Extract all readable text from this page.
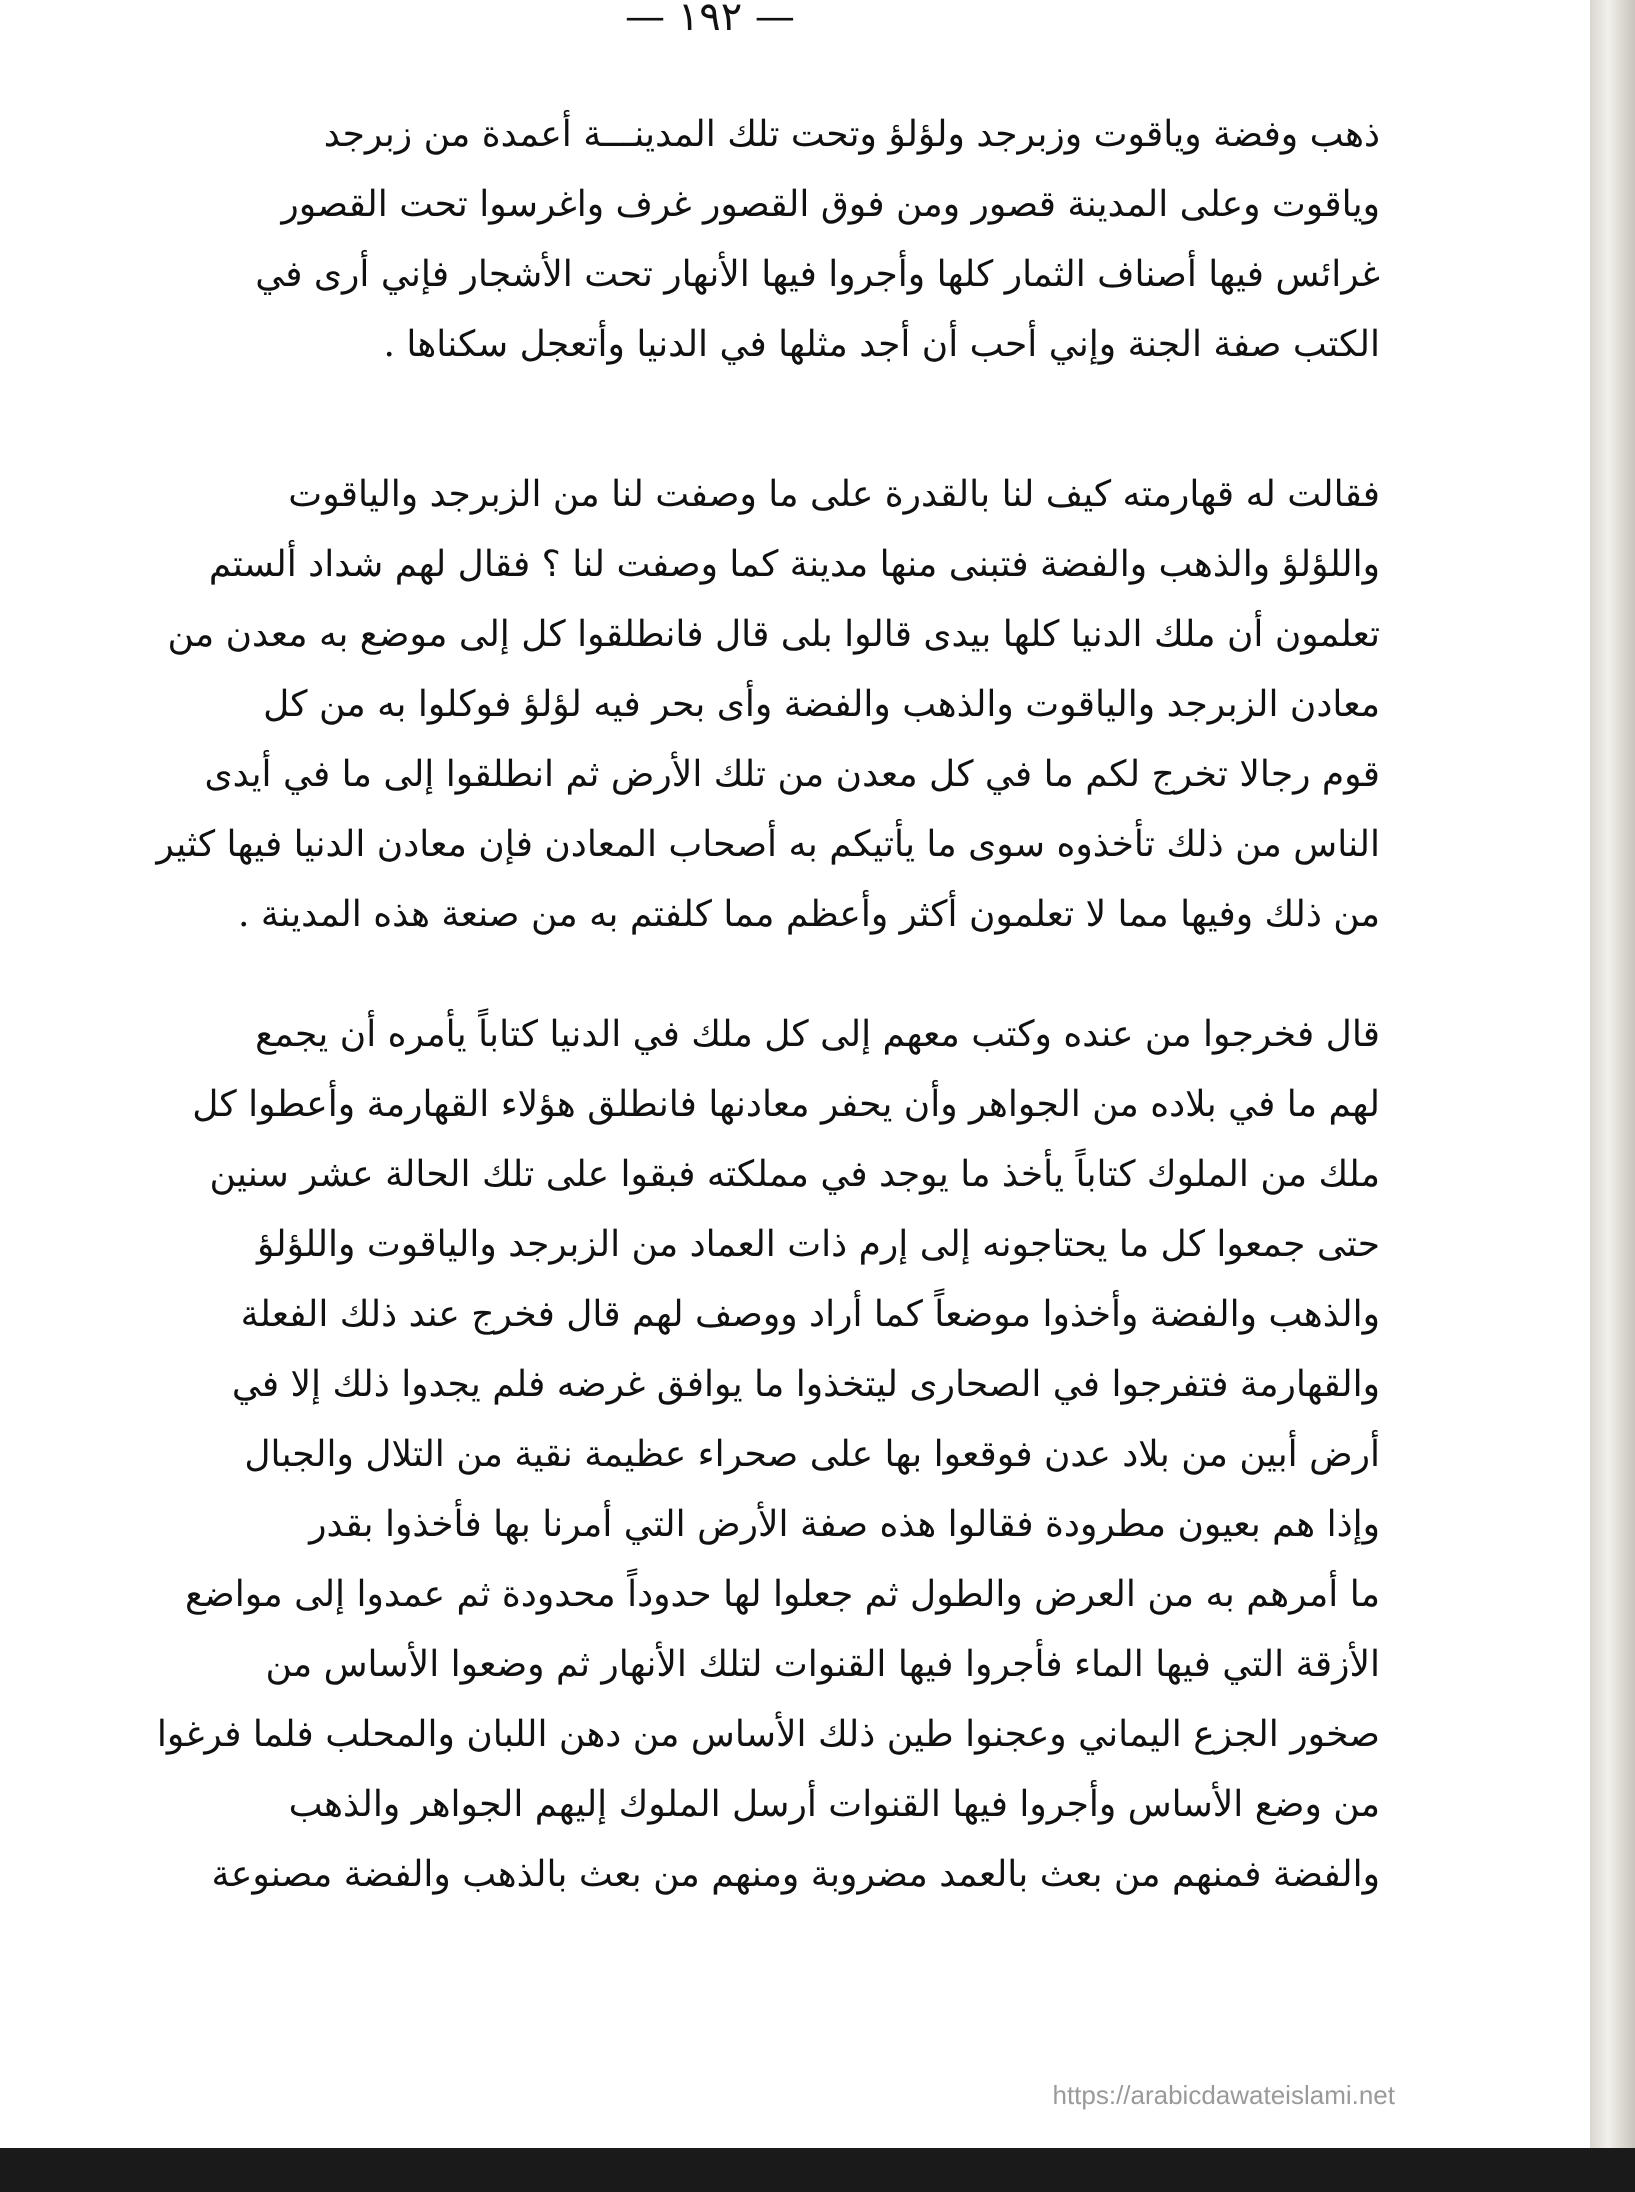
— ١٩٢ —
ذهب وفضة وياقوت وزبرجد ولؤلؤ وتحت تلك المدينـــة أعمدة من زبرجد
وياقوت وعلى المدينة قصور ومن فوق القصور غرف واغرسوا تحت القصور
غرائس فيها أصناف الثمار كلها وأجروا فيها الأنهار تحت الأشجار فإني أرى في
الكتب صفة الجنة وإني أحب أن أجد مثلها في الدنيا وأتعجل سكناها .
فقالت له قهارمته كيف لنا بالقدرة على ما وصفت لنا من الزبرجد والياقوت
واللؤلؤ والذهب والفضة فتبنى منها مدينة كما وصفت لنا ؟ فقال لهم شداد ألستم
تعلمون أن ملك الدنيا كلها بيدى قالوا بلى قال فانطلقوا كل إلى موضع به معدن من
معادن الزبرجد والياقوت والذهب والفضة وأى بحر فيه لؤلؤ فوكلوا به من كل
قوم رجالا تخرج لكم ما في كل معدن من تلك الأرض ثم انطلقوا إلى ما في أيدى
الناس من ذلك تأخذوه سوى ما يأتيكم به أصحاب المعادن فإن معادن الدنيا فيها كثير
من ذلك وفيها مما لا تعلمون أكثر وأعظم مما كلفتم به من صنعة هذه المدينة .
قال فخرجوا من عنده وكتب معهم إلى كل ملك في الدنيا كتاباً يأمره أن يجمع
لهم ما في بلاده من الجواهر وأن يحفر معادنها فانطلق هؤلاء القهارمة وأعطوا كل
ملك من الملوك كتاباً يأخذ ما يوجد في مملكته فبقوا على تلك الحالة عشر سنين
حتى جمعوا كل ما يحتاجونه إلى إرم ذات العماد من الزبرجد والياقوت واللؤلؤ
والذهب والفضة وأخذوا موضعاً كما أراد ووصف لهم قال فخرج عند ذلك الفعلة
والقهارمة فتفرجوا في الصحارى ليتخذوا ما يوافق غرضه فلم يجدوا ذلك إلا في
أرض أبين من بلاد عدن فوقعوا بها على صحراء عظيمة نقية من التلال والجبال
وإذا هم بعيون مطرودة فقالوا هذه صفة الأرض التي أمرنا بها فأخذوا بقدر
ما أمرهم به من العرض والطول ثم جعلوا لها حدوداً محدودة ثم عمدوا إلى مواضع
الأزقة التي فيها الماء فأجروا فيها القنوات لتلك الأنهار ثم وضعوا الأساس من
صخور الجزع اليماني وعجنوا طين ذلك الأساس من دهن اللبان والمحلب فلما فرغوا
من وضع الأساس وأجروا فيها القنوات أرسل الملوك إليهم الجواهر والذهب
والفضة فمنهم من بعث بالعمد مضروبة ومنهم من بعث بالذهب والفضة مصنوعة
https://arabicdawateislami.net
